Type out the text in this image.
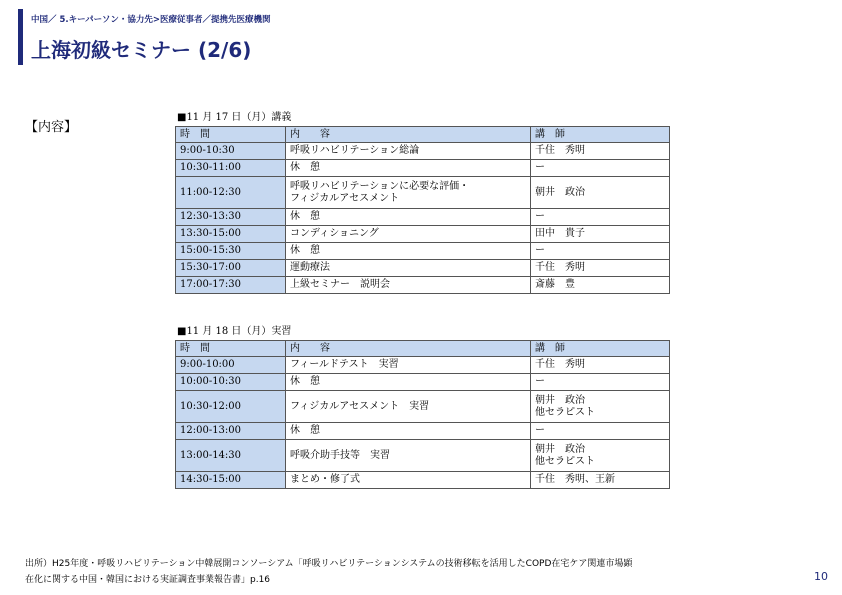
中国／ 5.キーパーソン・協力先>医療従事者／提携先医療機関
上海初級セミナー (2/6)
【内容】
■11 月 17 日（月）講義
時　間	内　　容	講　師
9:00-10:30	呼吸リハビリテーション総論	千住　秀明

10:30-11:00	休　憩	ー

11:00-12:30	呼吸リハビリテーションに必要な評価・
フィジカルアセスメント	朝井　政治

12:30-13:30	休　憩	ー

13:30-15:00	コンディショニング	田中　貴子

15:00-15:30	休　憩	ー

15:30-17:00	運動療法	千住　秀明

17:00-17:30	上級セミナー　説明会	斎藤　豊
■11 月 18 日（月）実習
時　間	内　　容	講　師
9:00-10:00	フィールドテスト　実習	千住　秀明

10:00-10:30	休　憩	ー

10:30-12:00	フィジカルアセスメント　実習	朝井　政治
他セラピスト

12:00-13:00	休　憩	ー

13:00-14:30	呼吸介助手技等　実習	朝井　政治
他セラピスト

14:30-15:00	まとめ・修了式	千住　秀明、王新
出所）H25年度・呼吸リハビリテーション中韓展開コンソーシアム「呼吸リハビリテーションシステムの技術移転を活用したCOPD在宅ケア関連市場顕
在化に関する中国・韓国における実証調査事業報告書」p.16	10
